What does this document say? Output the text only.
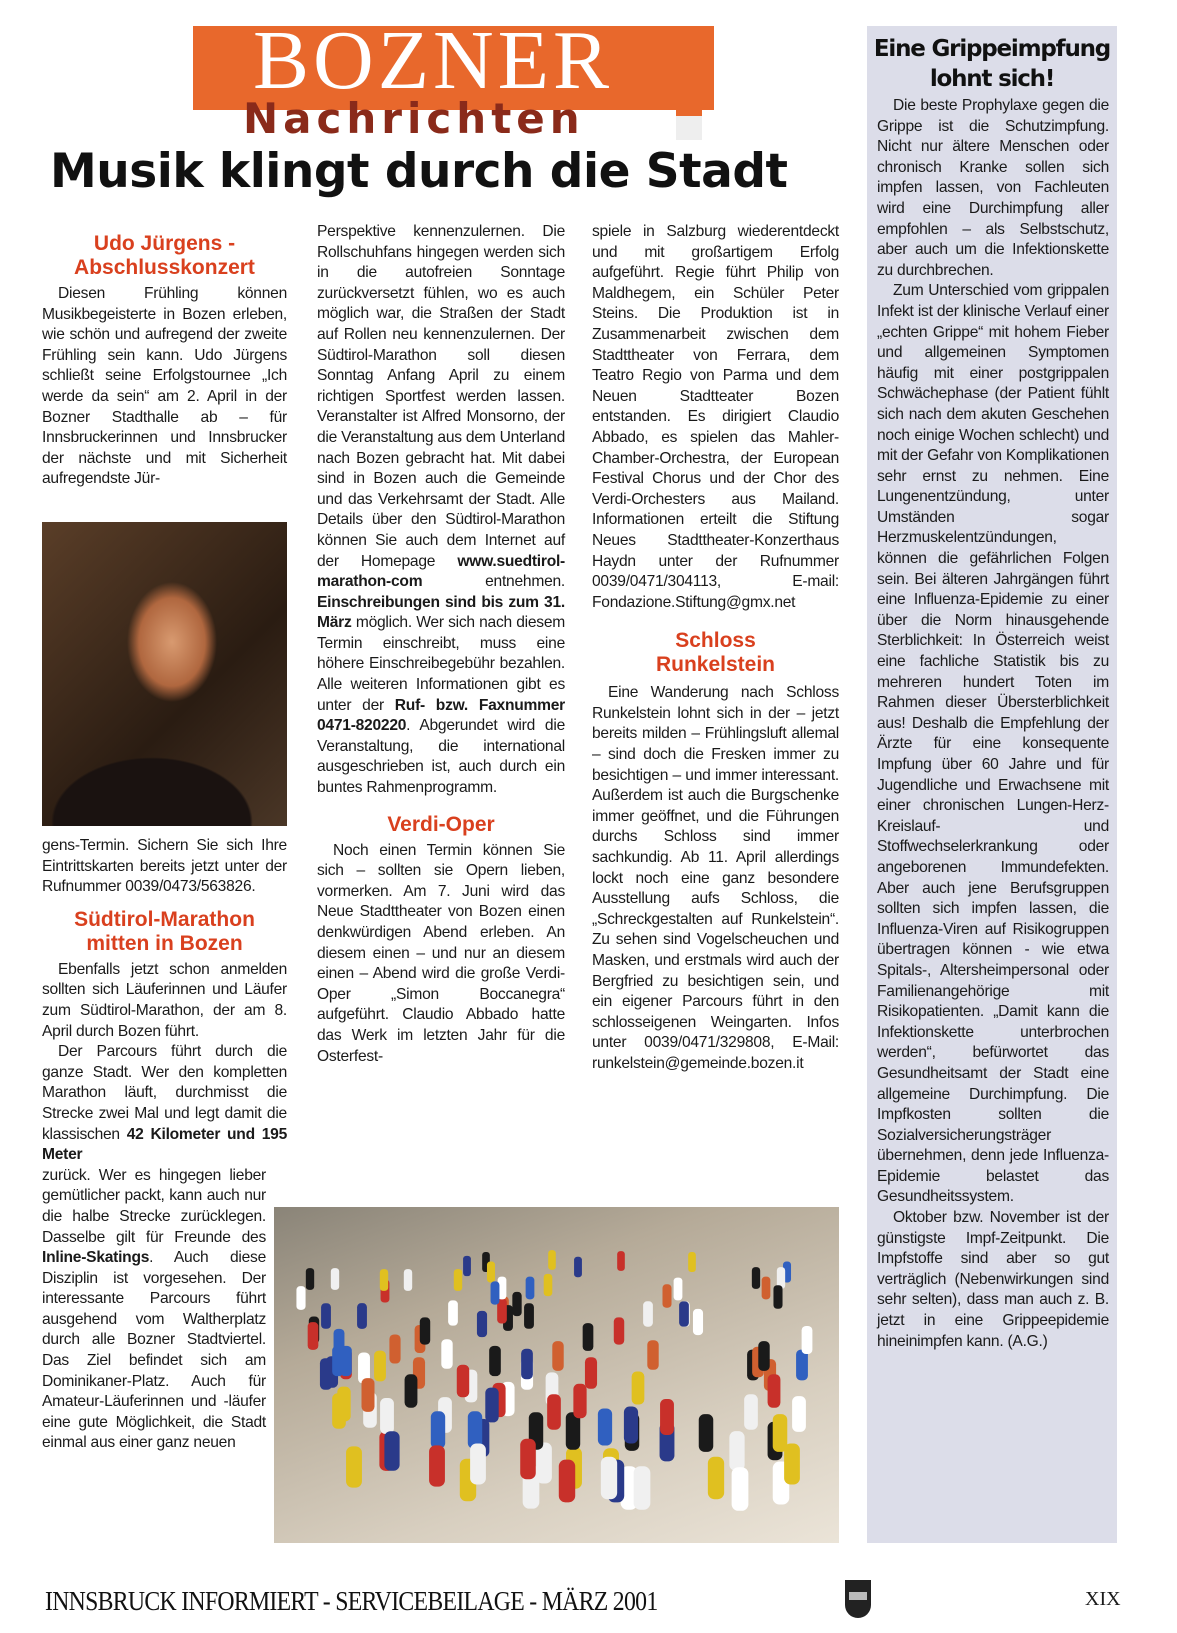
BOZNER
Nachrichten
Musik klingt durch die Stadt
Udo Jürgens - Abschlusskonzert

Diesen Frühling können Musikbegeisterte in Bozen erleben, wie schön und aufregend der zweite Frühling sein kann. Udo Jürgens schließt seine Erfolgstournee „Ich werde da sein“ am 2. April in der Bozner Stadthalle ab – für Innsbruckerinnen und Innsbrucker der nächste und mit Sicherheit aufregendste Jür-

gens-Termin. Sichern Sie sich Ihre Eintrittskarten bereits jetzt unter der Rufnummer 0039/0473/563826.

Südtirol-Marathon mitten in Bozen

Ebenfalls jetzt schon anmelden sollten sich Läuferinnen und Läufer zum Südtirol-Marathon, der am 8. April durch Bozen führt.

Der Parcours führt durch die ganze Stadt. Wer den kompletten Marathon läuft, durchmisst die Strecke zwei Mal und legt damit die klassischen 42 Kilometer und 195 Meter

zurück. Wer es hingegen lieber gemütlicher packt, kann auch nur die halbe Strecke zurücklegen. Dasselbe gilt für Freunde des Inline-Skatings. Auch diese Disziplin ist vorgesehen. Der interessante Parcours führt ausgehend vom Waltherplatz durch alle Bozner Stadtviertel. Das Ziel befindet sich am Dominikaner-Platz. Auch für Amateur-Läuferinnen und -läufer eine gute Möglichkeit, die Stadt einmal aus einer ganz neuen

Perspektive kennenzulernen. Die Rollschuhfans hingegen werden sich in die autofreien Sonntage zurückversetzt fühlen, wo es auch möglich war, die Straßen der Stadt auf Rollen neu kennenzulernen. Der Südtirol-Marathon soll diesen Sonntag Anfang April zu einem richtigen Sportfest werden lassen. Veranstalter ist Alfred Monsorno, der die Veranstaltung aus dem Unterland nach Bozen gebracht hat. Mit dabei sind in Bozen auch die Gemeinde und das Verkehrsamt der Stadt. Alle Details über den Südtirol-Marathon können Sie auch dem Internet auf der Homepage www.suedtirol-marathon-com entnehmen. Einschreibungen sind bis zum 31. März möglich. Wer sich nach diesem Termin einschreibt, muss eine höhere Einschreibegebühr bezahlen. Alle weiteren Informationen gibt es unter der Ruf- bzw. Faxnummer 0471-820220. Abgerundet wird die Veranstaltung, die international ausgeschrieben ist, auch durch ein buntes Rahmenprogramm.

Verdi-Oper

Noch einen Termin können Sie sich – sollten sie Opern lieben, vormerken. Am 7. Juni wird das Neue Stadttheater von Bozen einen denkwürdigen Abend erleben. An diesem einen – und nur an diesem einen – Abend wird die große Verdi-Oper „Simon Boccanegra“ aufgeführt. Claudio Abbado hatte das Werk im letzten Jahr für die Osterfest-

spiele in Salzburg wiederentdeckt und mit großartigem Erfolg aufgeführt. Regie führt Philip von Maldhegem, ein Schüler Peter Steins. Die Produktion ist in Zusammenarbeit zwischen dem Stadttheater von Ferrara, dem Teatro Regio von Parma und dem Neuen Stadtteater Bozen entstanden. Es dirigiert Claudio Abbado, es spielen das Mahler-Chamber-Orchestra, der European Festival Chorus und der Chor des Verdi-Orchesters aus Mailand. Informationen erteilt die Stiftung Neues Stadttheater-Konzerthaus Haydn unter der Rufnummer 0039/0471/304113, E-mail: Fondazione.Stiftung@gmx.net

Schloss Runkelstein

Eine Wanderung nach Schloss Runkelstein lohnt sich in der – jetzt bereits milden – Frühlingsluft allemal – sind doch die Fresken immer zu besichtigen – und immer interessant. Außerdem ist auch die Burgschenke immer geöffnet, und die Führungen durchs Schloss sind immer sachkundig. Ab 11. April allerdings lockt noch eine ganz besondere Ausstellung aufs Schloss, die „Schreckgestalten auf Runkelstein“. Zu sehen sind Vogelscheuchen und Masken, und erstmals wird auch der Bergfried zu besichtigen sein, und ein eigener Parcours führt in den schlosseigenen Weingarten. Infos unter 0039/0471/329808, E-Mail: runkelstein@gemeinde.bozen.it

Eine Grippeimpfung lohnt sich!

Die beste Prophylaxe gegen die Grippe ist die Schutzimpfung. Nicht nur ältere Menschen oder chronisch Kranke sollen sich impfen lassen, von Fachleuten wird eine Durchimpfung aller empfohlen – als Selbstschutz, aber auch um die Infektionskette zu durchbrechen.

Zum Unterschied vom grippalen Infekt ist der klinische Verlauf einer „echten Grippe“ mit hohem Fieber und allgemeinen Symptomen häufig mit einer postgrippalen Schwächephase (der Patient fühlt sich nach dem akuten Geschehen noch einige Wochen schlecht) und mit der Gefahr von Komplikationen sehr ernst zu nehmen. Eine Lungenentzündung, unter Umständen sogar Herzmuskelentzündungen, können die gefährlichen Folgen sein. Bei älteren Jahrgängen führt eine Influenza-Epidemie zu einer über die Norm hinausgehende Sterblichkeit: In Österreich weist eine fachliche Statistik bis zu mehreren hundert Toten im Rahmen dieser Übersterblichkeit aus! Deshalb die Empfehlung der Ärzte für eine konsequente Impfung über 60 Jahre und für Jugendliche und Erwachsene mit einer chronischen Lungen-Herz-Kreislauf- und Stoffwechselerkrankung oder angeborenen Immundefekten. Aber auch jene Berufsgruppen sollten sich impfen lassen, die Influenza-Viren auf Risikogruppen übertragen können - wie etwa Spitals-, Altersheimpersonal oder Familienangehörige mit Risikopatienten. „Damit kann die Infektionskette unterbrochen werden“, befürwortet das Gesundheitsamt der Stadt eine allgemeine Durchimpfung. Die Impfkosten sollten die Sozialversicherungsträger übernehmen, denn jede Influenza-Epidemie belastet das Gesundheitssystem.

Oktober bzw. November ist der günstigste Impf-Zeitpunkt. Die Impfstoffe sind aber so gut verträglich (Nebenwirkungen sind sehr selten), dass man auch z. B. jetzt in eine Grippeepidemie hineinimpfen kann. (A.G.)

INNSBRUCK INFORMIERT - SERVICEBEILAGE - MÄRZ 2001	XIX
